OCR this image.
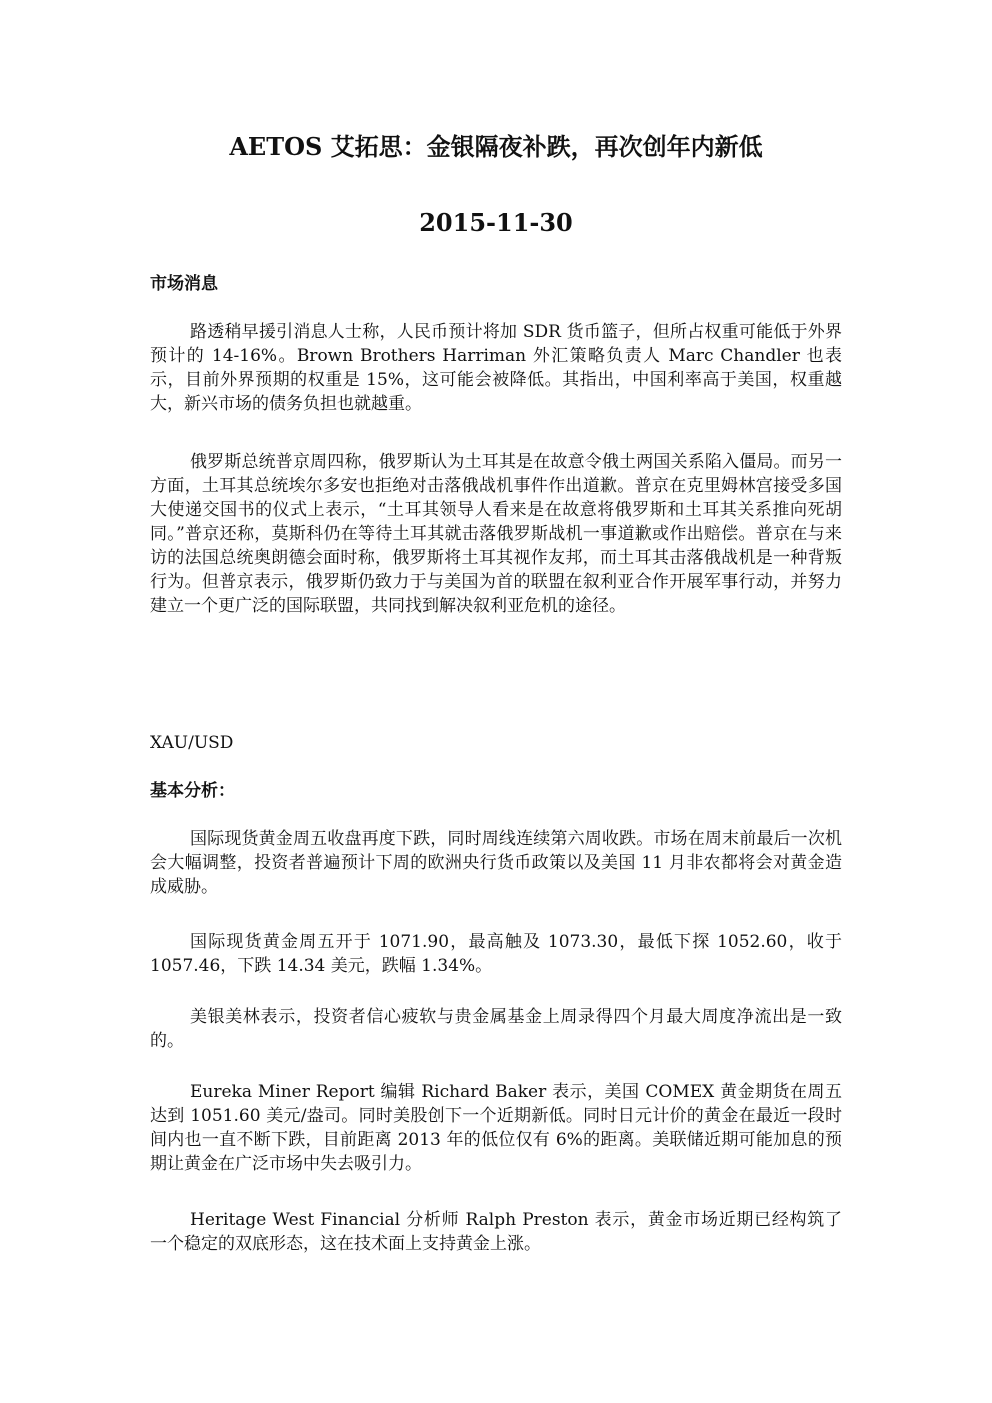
AETOS 艾拓思：金银隔夜补跌，再次创年内新低
2015-11-30
市场消息

路透稍早援引消息人士称，人民币预计将加 SDR 货币篮子，但所占权重可能低于外界预计的 14-16%。Brown Brothers Harriman 外汇策略负责人 Marc Chandler 也表示，目前外界预期的权重是 15%，这可能会被降低。其指出，中国利率高于美国，权重越大，新兴市场的债务负担也就越重。

俄罗斯总统普京周四称，俄罗斯认为土耳其是在故意令俄土两国关系陷入僵局。而另一方面，土耳其总统埃尔多安也拒绝对击落俄战机事件作出道歉。普京在克里姆林宫接受多国大使递交国书的仪式上表示，“土耳其领导人看来是在故意将俄罗斯和土耳其关系推向死胡同。”普京还称，莫斯科仍在等待土耳其就击落俄罗斯战机一事道歉或作出赔偿。普京在与来访的法国总统奥朗德会面时称，俄罗斯将土耳其视作友邦，而土耳其击落俄战机是一种背叛行为。但普京表示，俄罗斯仍致力于与美国为首的联盟在叙利亚合作开展军事行动，并努力建立一个更广泛的国际联盟，共同找到解决叙利亚危机的途径。

XAU/USD
基本分析：

国际现货黄金周五收盘再度下跌，同时周线连续第六周收跌。市场在周末前最后一次机会大幅调整，投资者普遍预计下周的欧洲央行货币政策以及美国 11 月非农都将会对黄金造成威胁。

国际现货黄金周五开于 1071.90，最高触及 1073.30，最低下探 1052.60，收于 1057.46，下跌 14.34 美元，跌幅 1.34%。

美银美林表示，投资者信心疲软与贵金属基金上周录得四个月最大周度净流出是一致的。

Eureka Miner Report 编辑 Richard Baker 表示，美国 COMEX 黄金期货在周五达到 1051.60 美元/盎司。同时美股创下一个近期新低。同时日元计价的黄金在最近一段时间内也一直不断下跌，目前距离 2013 年的低位仅有 6%的距离。美联储近期可能加息的预期让黄金在广泛市场中失去吸引力。

Heritage West Financial 分析师 Ralph Preston 表示，黄金市场近期已经构筑了一个稳定的双底形态，这在技术面上支持黄金上涨。
